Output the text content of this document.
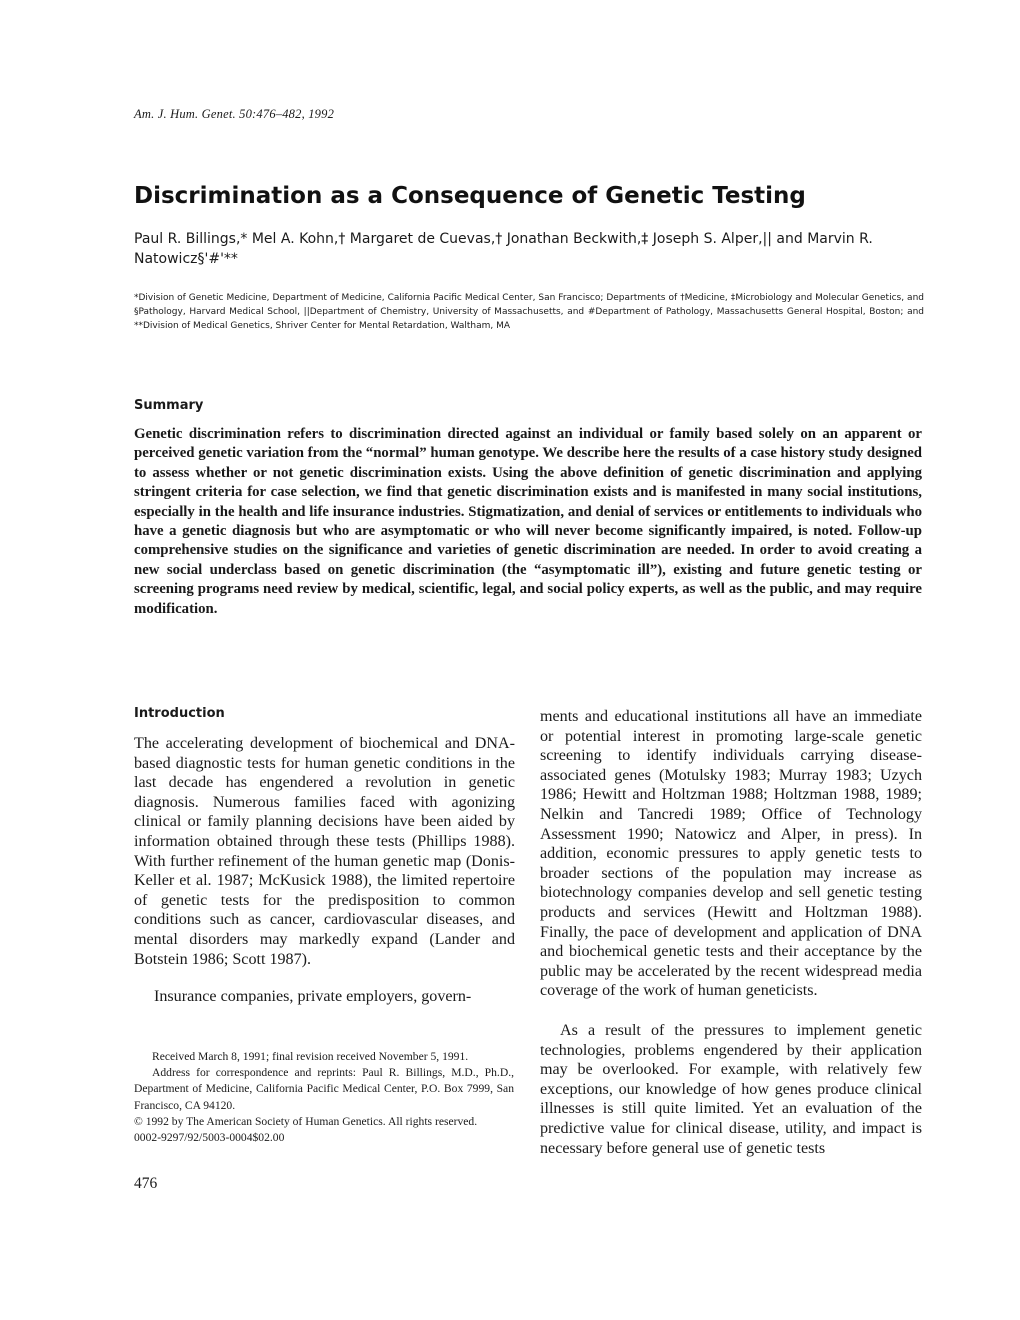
Am. J. Hum. Genet. 50:476–482, 1992
Discrimination as a Consequence of Genetic Testing
Paul R. Billings,* Mel A. Kohn,† Margaret de Cuevas,† Jonathan Beckwith,‡ Joseph S. Alper,|| and Marvin R. Natowicz§'#'**
*Division of Genetic Medicine, Department of Medicine, California Pacific Medical Center, San Francisco; Departments of †Medicine, ‡Microbiology and Molecular Genetics, and §Pathology, Harvard Medical School, ||Department of Chemistry, University of Massachusetts, and #Department of Pathology, Massachusetts General Hospital, Boston; and **Division of Medical Genetics, Shriver Center for Mental Retardation, Waltham, MA
Summary

Genetic discrimination refers to discrimination directed against an individual or family based solely on an apparent or perceived genetic variation from the “normal” human genotype. We describe here the results of a case history study designed to assess whether or not genetic discrimination exists. Using the above definition of genetic discrimination and applying stringent criteria for case selection, we find that genetic discrimination exists and is manifested in many social institutions, especially in the health and life insurance industries. Stigmatization, and denial of services or entitlements to individuals who have a genetic diagnosis but who are asymptomatic or who will never become significantly impaired, is noted. Follow-up comprehensive studies on the significance and varieties of genetic discrimination are needed. In order to avoid creating a new social underclass based on genetic discrimination (the “asymptomatic ill”), existing and future genetic testing or screening programs need review by medical, scientific, legal, and social policy experts, as well as the public, and may require modification.

Introduction

The accelerating development of biochemical and DNA-based diagnostic tests for human genetic conditions in the last decade has engendered a revolution in genetic diagnosis. Numerous families faced with agonizing clinical or family planning decisions have been aided by information obtained through these tests (Phillips 1988). With further refinement of the human genetic map (Donis-Keller et al. 1987; McKusick 1988), the limited repertoire of genetic tests for the predisposition to common conditions such as cancer, cardiovascular diseases, and mental disorders may markedly expand (Lander and Botstein 1986; Scott 1987).

Insurance companies, private employers, govern-

Received March 8, 1991; final revision received November 5, 1991.

Address for correspondence and reprints: Paul R. Billings, M.D., Ph.D., Department of Medicine, California Pacific Medical Center, P.O. Box 7999, San Francisco, CA 94120.

© 1992 by The American Society of Human Genetics. All rights reserved.

0002-9297/92/5003-0004$02.00

476

ments and educational institutions all have an immediate or potential interest in promoting large-scale genetic screening to identify individuals carrying disease-associated genes (Motulsky 1983; Murray 1983; Uzych 1986; Hewitt and Holtzman 1988; Holtzman 1988, 1989; Nelkin and Tancredi 1989; Office of Technology Assessment 1990; Natowicz and Alper, in press). In addition, economic pressures to apply genetic tests to broader sections of the population may increase as biotechnology companies develop and sell genetic testing products and services (Hewitt and Holtzman 1988). Finally, the pace of development and application of DNA and biochemical genetic tests and their acceptance by the public may be accelerated by the recent widespread media coverage of the work of human geneticists.

As a result of the pressures to implement genetic technologies, problems engendered by their application may be overlooked. For example, with relatively few exceptions, our knowledge of how genes produce clinical illnesses is still quite limited. Yet an evaluation of the predictive value for clinical disease, utility, and impact is necessary before general use of genetic tests
